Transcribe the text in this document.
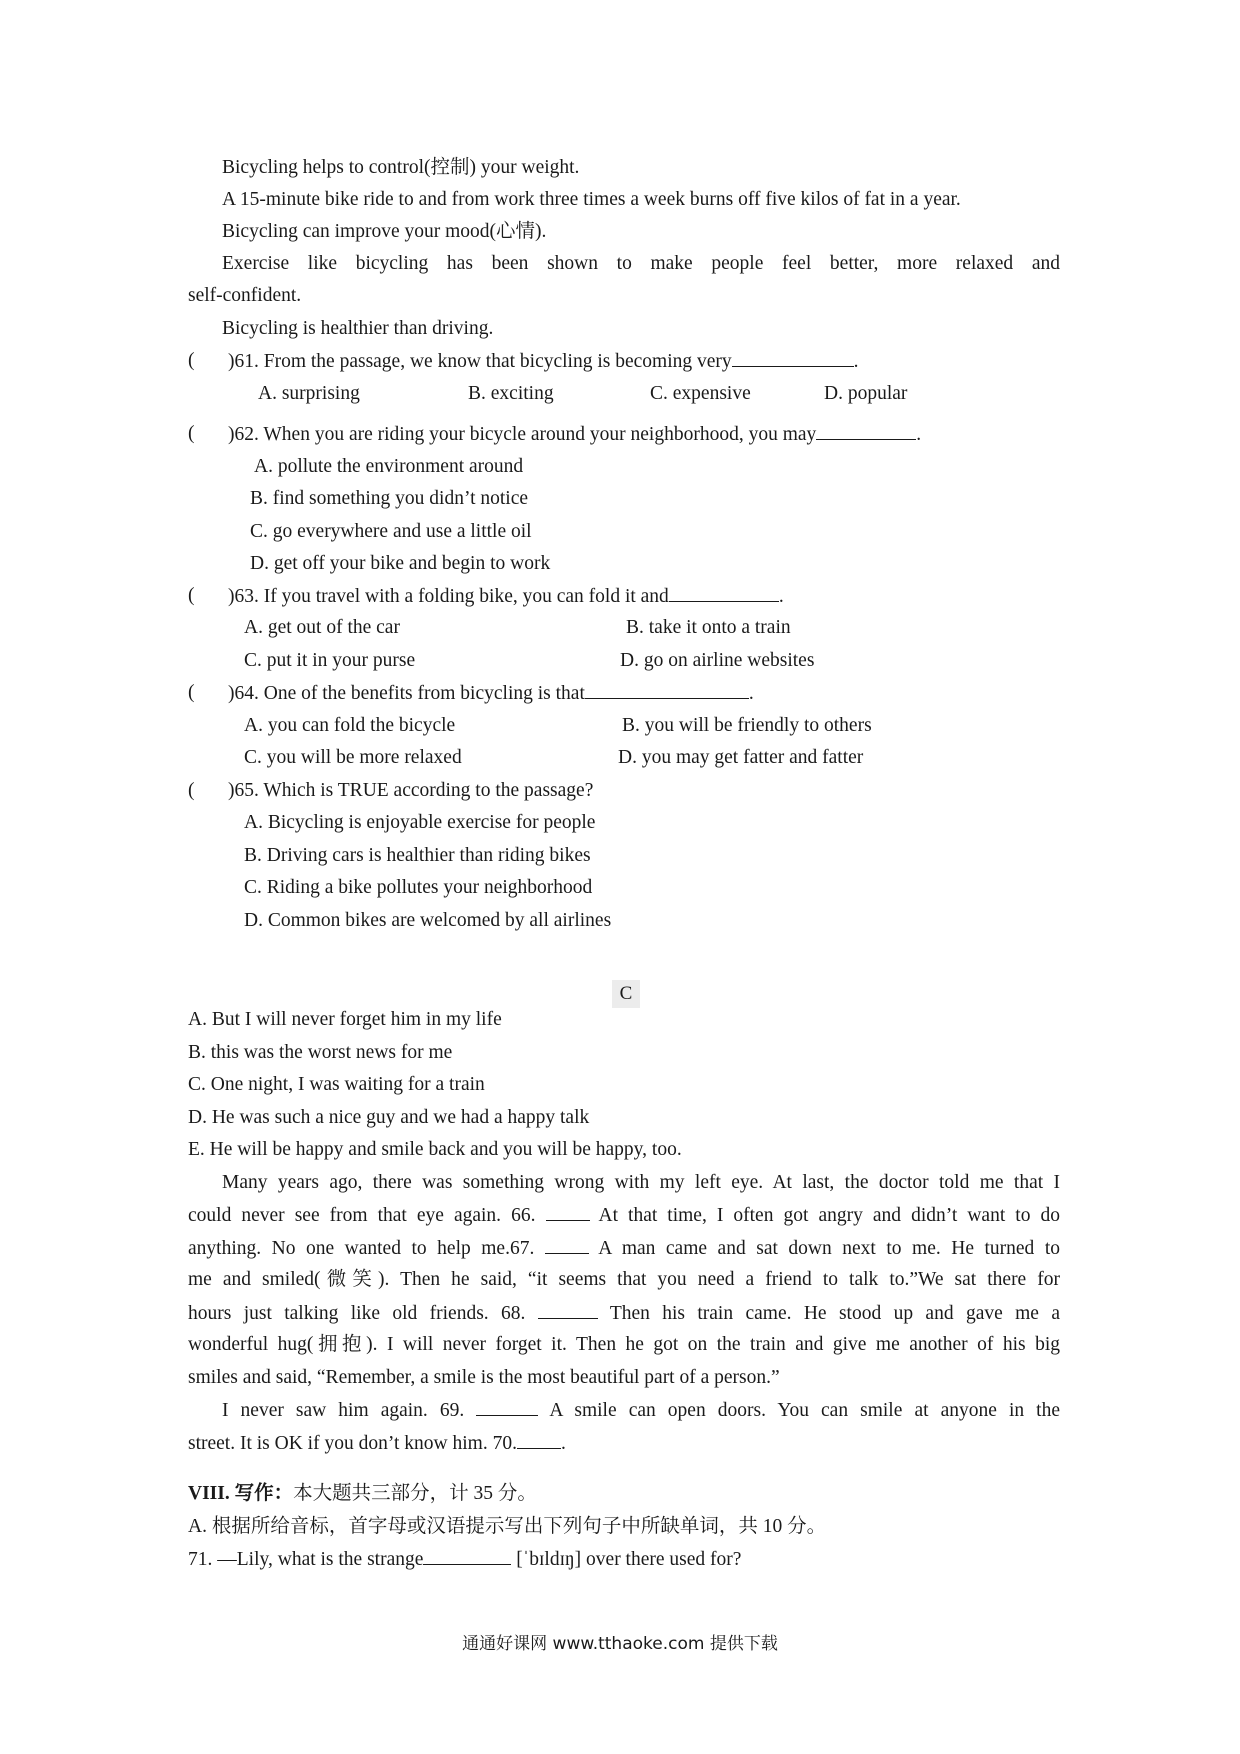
Bicycling helps to control(控制) your weight.
A 15-minute bike ride to and from work three times a week burns off five kilos of fat in a year.
Bicycling can improve your mood(心情).
Exercise like bicycling has been shown to make people feel better, more relaxed and
self-confident.
Bicycling is healthier than driving.
( )61. From the passage, we know that bicycling is becoming very	.
A. surprising	B. exciting	C. expensive	D. popular
( )62. When you are riding your bicycle around your neighborhood, you may	.
A. pollute the environment around
B. find something you didn’t notice
C. go everywhere and use a little oil
D. get off your bike and begin to work
( )63. If you travel with a folding bike, you can fold it and	.
A. get out of the car	B. take it onto a train
C. put it in your purse	D. go on airline websites
( )64. One of the benefits from bicycling is that	.
A. you can fold the bicycle	B. you will be friendly to others
C. you will be more relaxed	D. you may get fatter and fatter
( )65. Which is TRUE according to the passage?
A. Bicycling is enjoyable exercise for people
B. Driving cars is healthier than riding bikes
C. Riding a bike pollutes your neighborhood
D. Common bikes are welcomed by all airlines
C
A. But I will never forget him in my life
B. this was the worst news for me
C. One night, I was waiting for a train
D. He was such a nice guy and we had a happy talk
E. He will be happy and smile back and you will be happy, too.
Many years ago, there was something wrong with my left eye. At last, the doctor told me that I
could never see from that eye again. 66.	At that time, I often got angry and didn’t want to do
anything. No one wanted to help me.67.	A man came and sat down next to me. He turned to
me and smiled(微笑). Then he said, “it seems that you need a friend to talk to.”We sat there for
hours just talking like old friends. 68.	Then his train came. He stood up and gave me a
wonderful hug(拥抱). I will never forget it. Then he got on the train and give me another of his big
smiles and said, “Remember, a smile is the most beautiful part of a person.”
I never saw him again. 69.	A smile can open doors. You can smile at anyone in the
street. It is OK if you don’t know him. 70. .
VIII. 写作：本大题共三部分，计 35 分。
A. 根据所给音标，首字母或汉语提示写出下列句子中所缺单词，共 10 分。
71. —Lily, what is the strange	[ˈbɪldɪŋ] over there used for?
通通好课网 www.tthaoke.com 提供下载
